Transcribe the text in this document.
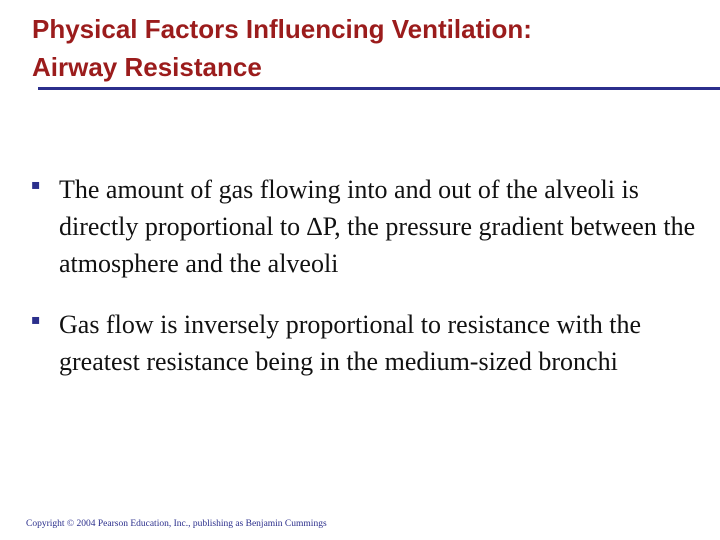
Physical Factors Influencing Ventilation:
Airway Resistance
▪ The amount of gas flowing into and out of the alveoli is directly proportional to ∆P, the pressure gradient between the atmosphere and the alveoli
▪ Gas flow is inversely proportional to resistance with the greatest resistance being in the medium-sized bronchi
Copyright © 2004 Pearson Education, Inc., publishing as Benjamin Cummings
